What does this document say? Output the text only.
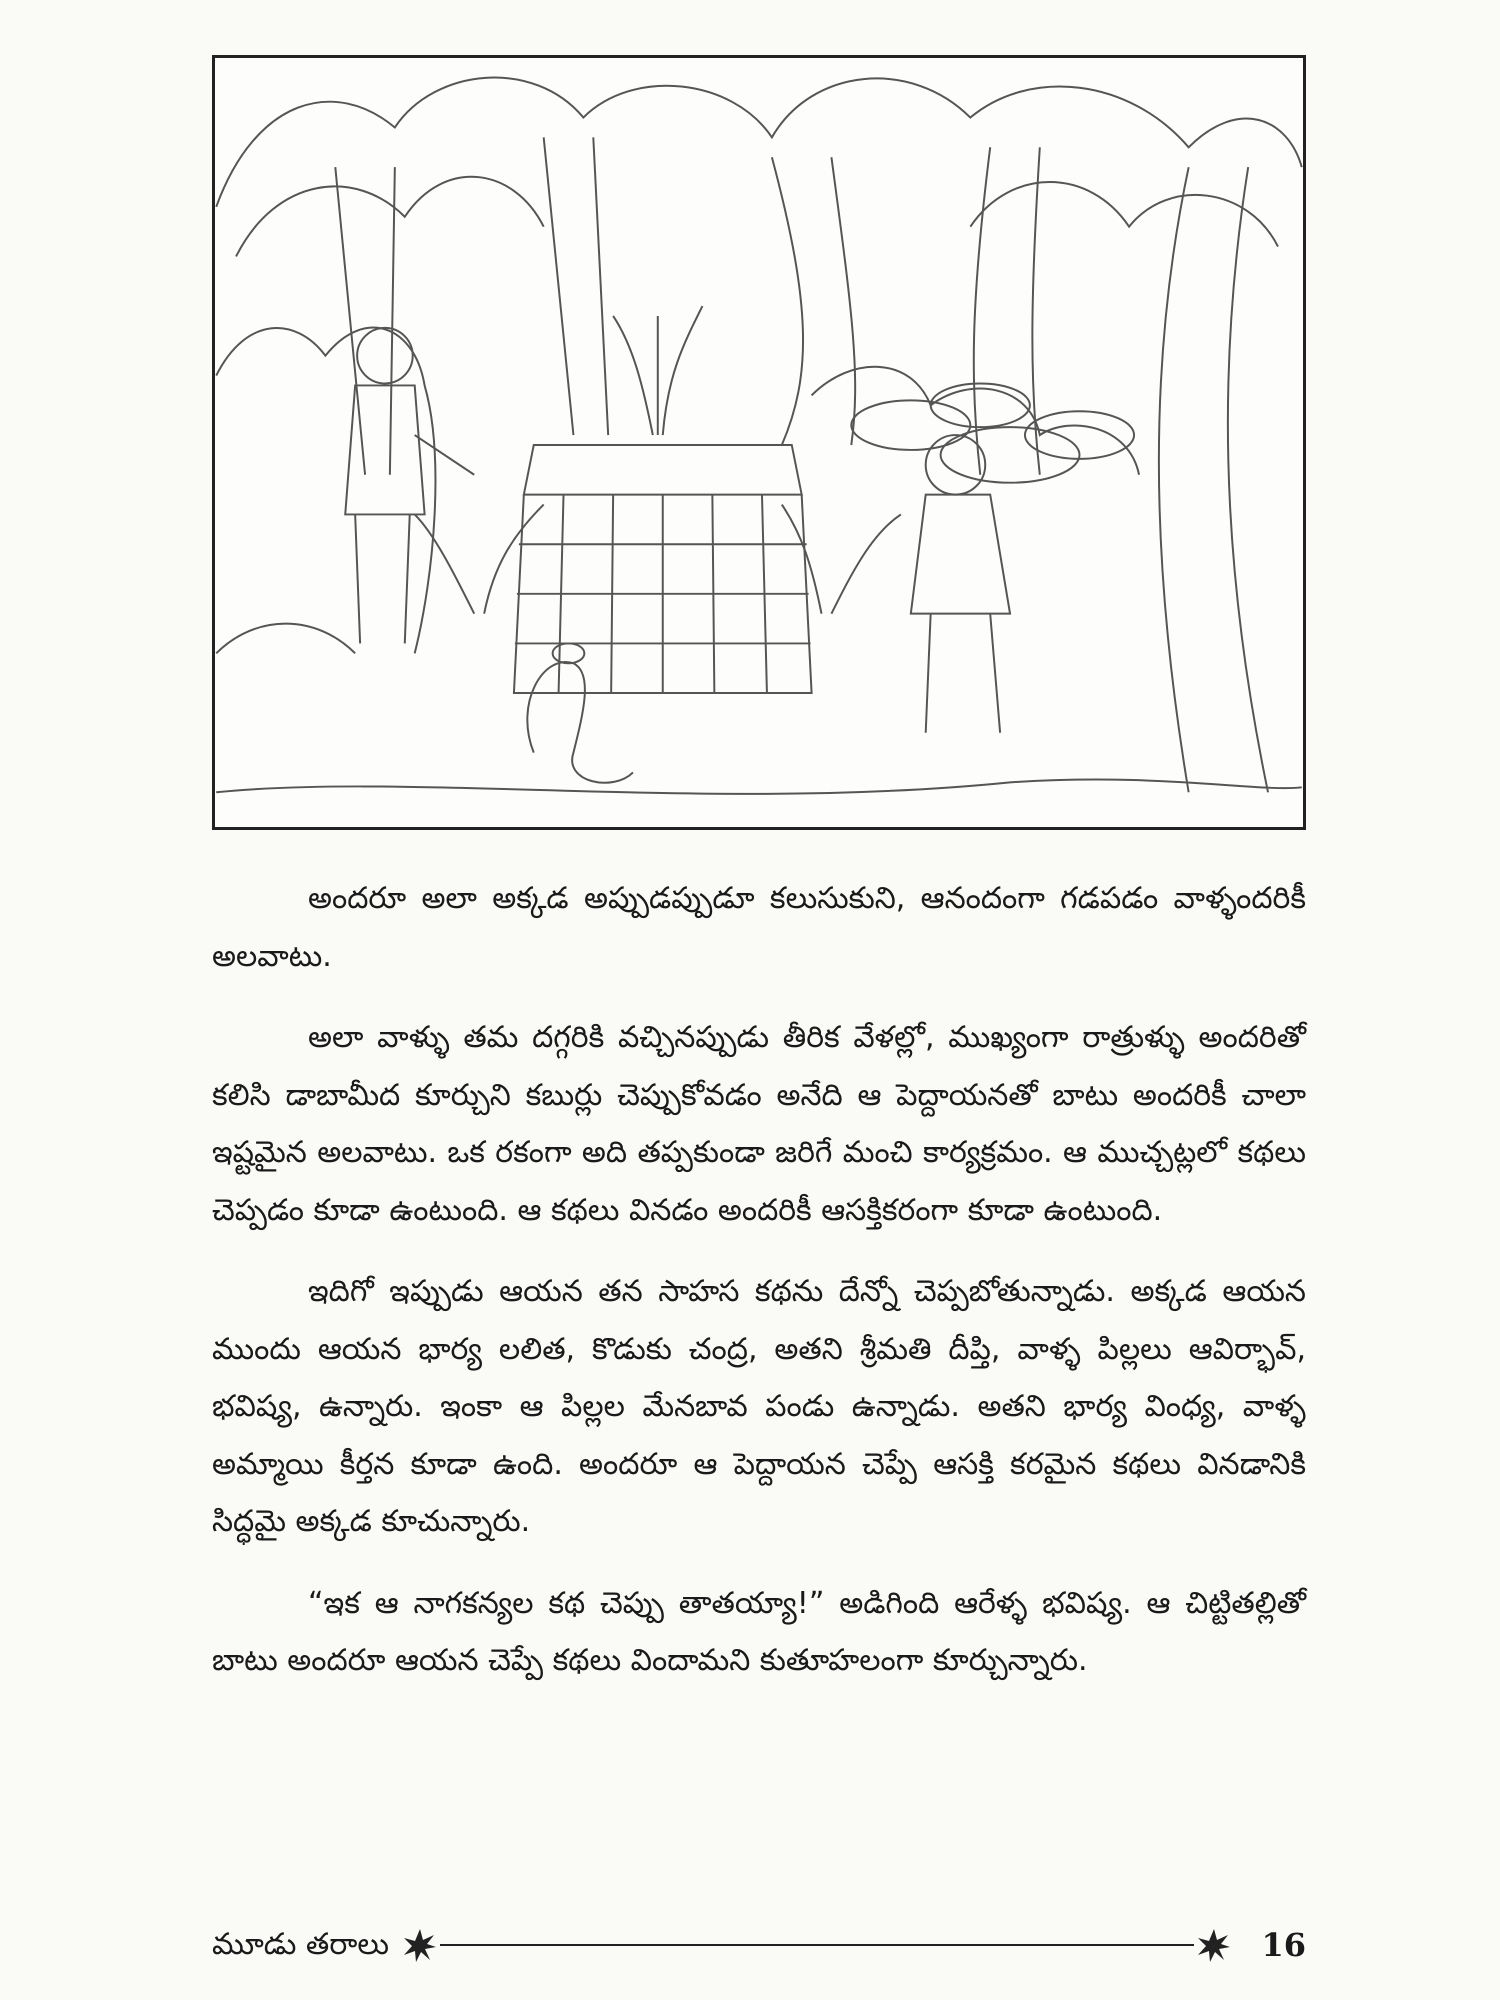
అందరూ అలా అక్కడ అప్పుడప్పుడూ కలుసుకుని, ఆనందంగా గడపడం వాళ్ళందరికీ అలవాటు.

అలా వాళ్ళు తమ దగ్గరికి వచ్చినప్పుడు తీరిక వేళల్లో, ముఖ్యంగా రాత్రుళ్ళు అందరితో కలిసి డాబామీద కూర్చుని కబుర్లు చెప్పుకోవడం అనేది ఆ పెద్దాయనతో బాటు అందరికీ చాలా ఇష్టమైన అలవాటు. ఒక రకంగా అది తప్పకుండా జరిగే మంచి కార్యక్రమం. ఆ ముచ్చట్లలో కథలు చెప్పడం కూడా ఉంటుంది. ఆ కథలు వినడం అందరికీ ఆసక్తికరంగా కూడా ఉంటుంది.

ఇదిగో ఇప్పుడు ఆయన తన సాహస కథను దేన్నో చెప్పబోతున్నాడు. అక్కడ ఆయన ముందు ఆయన భార్య లలిత, కొడుకు చంద్ర, అతని శ్రీమతి దీప్తి, వాళ్ళ పిల్లలు ఆవిర్భావ్, భవిష్య, ఉన్నారు. ఇంకా ఆ పిల్లల మేనబావ పండు ఉన్నాడు. అతని భార్య వింధ్య, వాళ్ళ అమ్మాయి కీర్తన కూడా ఉంది. అందరూ ఆ పెద్దాయన చెప్పే ఆసక్తి కరమైన కథలు వినడానికి సిద్ధమై అక్కడ కూచున్నారు.

“ఇక ఆ నాగకన్యల కథ చెప్పు తాతయ్యా!” అడిగింది ఆరేళ్ళ భవిష్య. ఆ చిట్టితల్లితో బాటు అందరూ ఆయన చెప్పే కథలు విందామని కుతూహలంగా కూర్చున్నారు.

మూడు తరాలు	16
